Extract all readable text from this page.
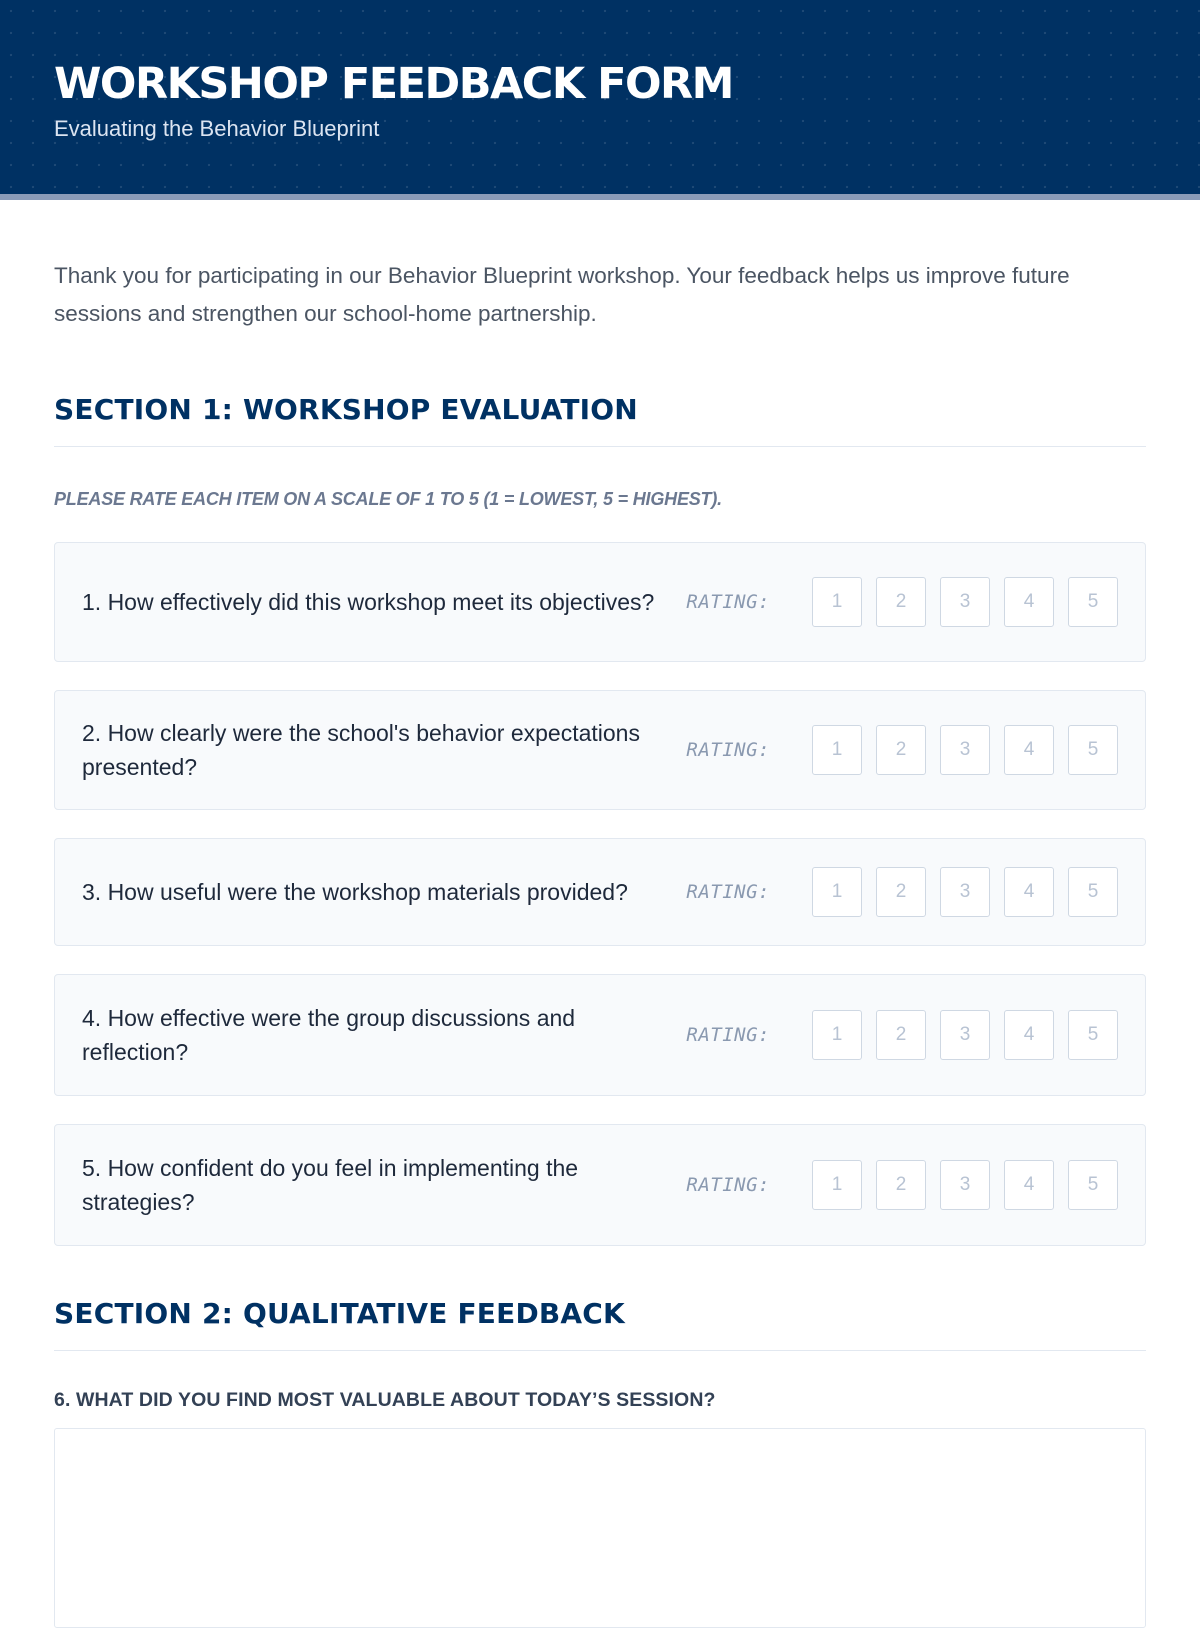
WORKSHOP FEEDBACK FORM
Evaluating the Behavior Blueprint

Thank you for participating in our Behavior Blueprint workshop. Your feedback helps us improve future sessions and strengthen our school-home partnership.

SECTION 1: WORKSHOP EVALUATION
PLEASE RATE EACH ITEM ON A SCALE OF 1 TO 5 (1 = LOWEST, 5 = HIGHEST).
1. How effectively did this workshop meet its objectives?	RATING:	1	2	3	4	5
2. How clearly were the school's behavior expectations presented?
RATING:	1	2	3	4	5
3. How useful were the workshop materials provided?	RATING:	1	2	3	4	5
4. How effective were the group discussions and reflection?
RATING:	1	2	3	4	5
5. How confident do you feel in implementing the strategies?
RATING:	1	2	3	4	5
SECTION 2: QUALITATIVE FEEDBACK
6. WHAT DID YOU FIND MOST VALUABLE ABOUT TODAY’S SESSION?
